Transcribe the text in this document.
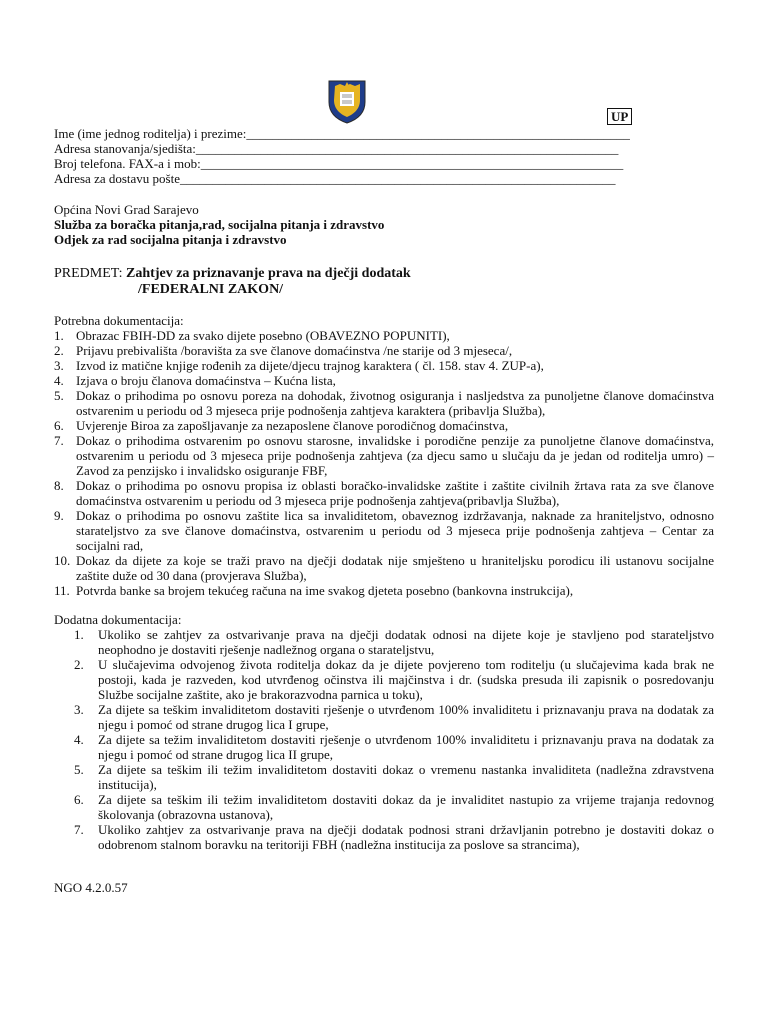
UP
Ime (ime jednog roditelja) i prezime:___________________________________________________________
Adresa stanovanja/sjedišta:_________________________________________________________________
Broj telefona. FAX-a i mob:_________________________________________________________________
Adresa za dostavu pošte___________________________________________________________________
Općina Novi Grad Sarajevo
Služba za boračka pitanja,rad, socijalna pitanja i zdravstvo
Odjek za rad socijalna pitanja i zdravstvo
PREDMET: Zahtjev za priznavanje prava na dječji dodatak
/FEDERALNI ZAKON/
Potrebna dokumentacija:
1. Obrazac FBIH-DD za svako dijete posebno (OBAVEZNO POPUNITI),
2. Prijavu prebivališta /boravišta za sve članove domaćinstva /ne starije od 3 mjeseca/,
3. Izvod iz matične knjige rođenih za dijete/djecu trajnog karaktera ( čl. 158. stav 4. ZUP-a),
4. Izjava o broju članova domaćinstva – Kućna lista,
5. Dokaz o prihodima po osnovu poreza na dohodak, životnog osiguranja i nasljedstva za punoljetne članove domaćinstva ostvarenim u periodu od 3 mjeseca prije podnošenja zahtjeva karaktera (pribavlja Služba),
6. Uvjerenje Biroa za zapošljavanje za nezaposlene članove porodičnog domaćinstva,
7. Dokaz o prihodima ostvarenim po osnovu starosne, invalidske i porodične penzije za punoljetne članove domaćinstva, ostvarenim u periodu od 3 mjeseca prije podnošenja zahtjeva (za djecu samo u slučaju da je jedan od roditelja umro) – Zavod za penzijsko i invalidsko osiguranje FBF,
8. Dokaz o prihodima po osnovu propisa iz oblasti boračko-invalidske zaštite i zaštite civilnih žrtava rata za sve članove domaćinstva ostvarenim u periodu od 3 mjeseca prije podnošenja zahtjeva(pribavlja Služba),
9. Dokaz o prihodima po osnovu zaštite lica sa invaliditetom, obaveznog izdržavanja, naknade za hraniteljstvo, odnosno starateljstvo za sve članove domaćinstva, ostvarenim u periodu od 3 mjeseca prije podnošenja zahtjeva – Centar za socijalni rad,
10. Dokaz da dijete za koje se traži pravo na dječji dodatak nije smješteno u hraniteljsku porodicu ili ustanovu socijalne zaštite duže od 30 dana (provjerava Služba),
11. Potvrda banke sa brojem tekućeg računa na ime svakog djeteta posebno (bankovna instrukcija),
Dodatna dokumentacija:
1. Ukoliko se zahtjev za ostvarivanje prava na dječji dodatak odnosi na dijete koje je stavljeno pod starateljstvo neophodno je dostaviti rješenje nadležnog organa o starateljstvu,
2. U slučajevima odvojenog života roditelja dokaz da je dijete povjereno tom roditelju (u slučajevima kada brak ne postoji, kada je razveden, kod utvrđenog očinstva ili majčinstva i dr. (sudska presuda ili zapisnik o posredovanju Službe socijalne zaštite, ako je brakorazvodna parnica u toku),
3. Za dijete sa teškim invaliditetom dostaviti rješenje o utvrđenom 100% invaliditetu i priznavanju prava na dodatak za njegu i pomoć od strane drugog lica I grupe,
4. Za dijete sa težim invaliditetom dostaviti rješenje o utvrđenom 100% invaliditetu i priznavanju prava na dodatak za njegu i pomoć od strane drugog lica II grupe,
5. Za dijete sa teškim ili težim invaliditetom dostaviti dokaz o vremenu nastanka invaliditeta (nadležna zdravstvena institucija),
6. Za dijete sa teškim ili težim invaliditetom dostaviti dokaz da je invaliditet nastupio za vrijeme trajanja redovnog školovanja (obrazovna ustanova),
7. Ukoliko zahtjev za ostvarivanje prava na dječji dodatak podnosi strani državljanin potrebno je dostaviti dokaz o odobrenom stalnom boravku na teritoriji FBH (nadležna institucija za poslove sa strancima),
NGO 4.2.0.57
